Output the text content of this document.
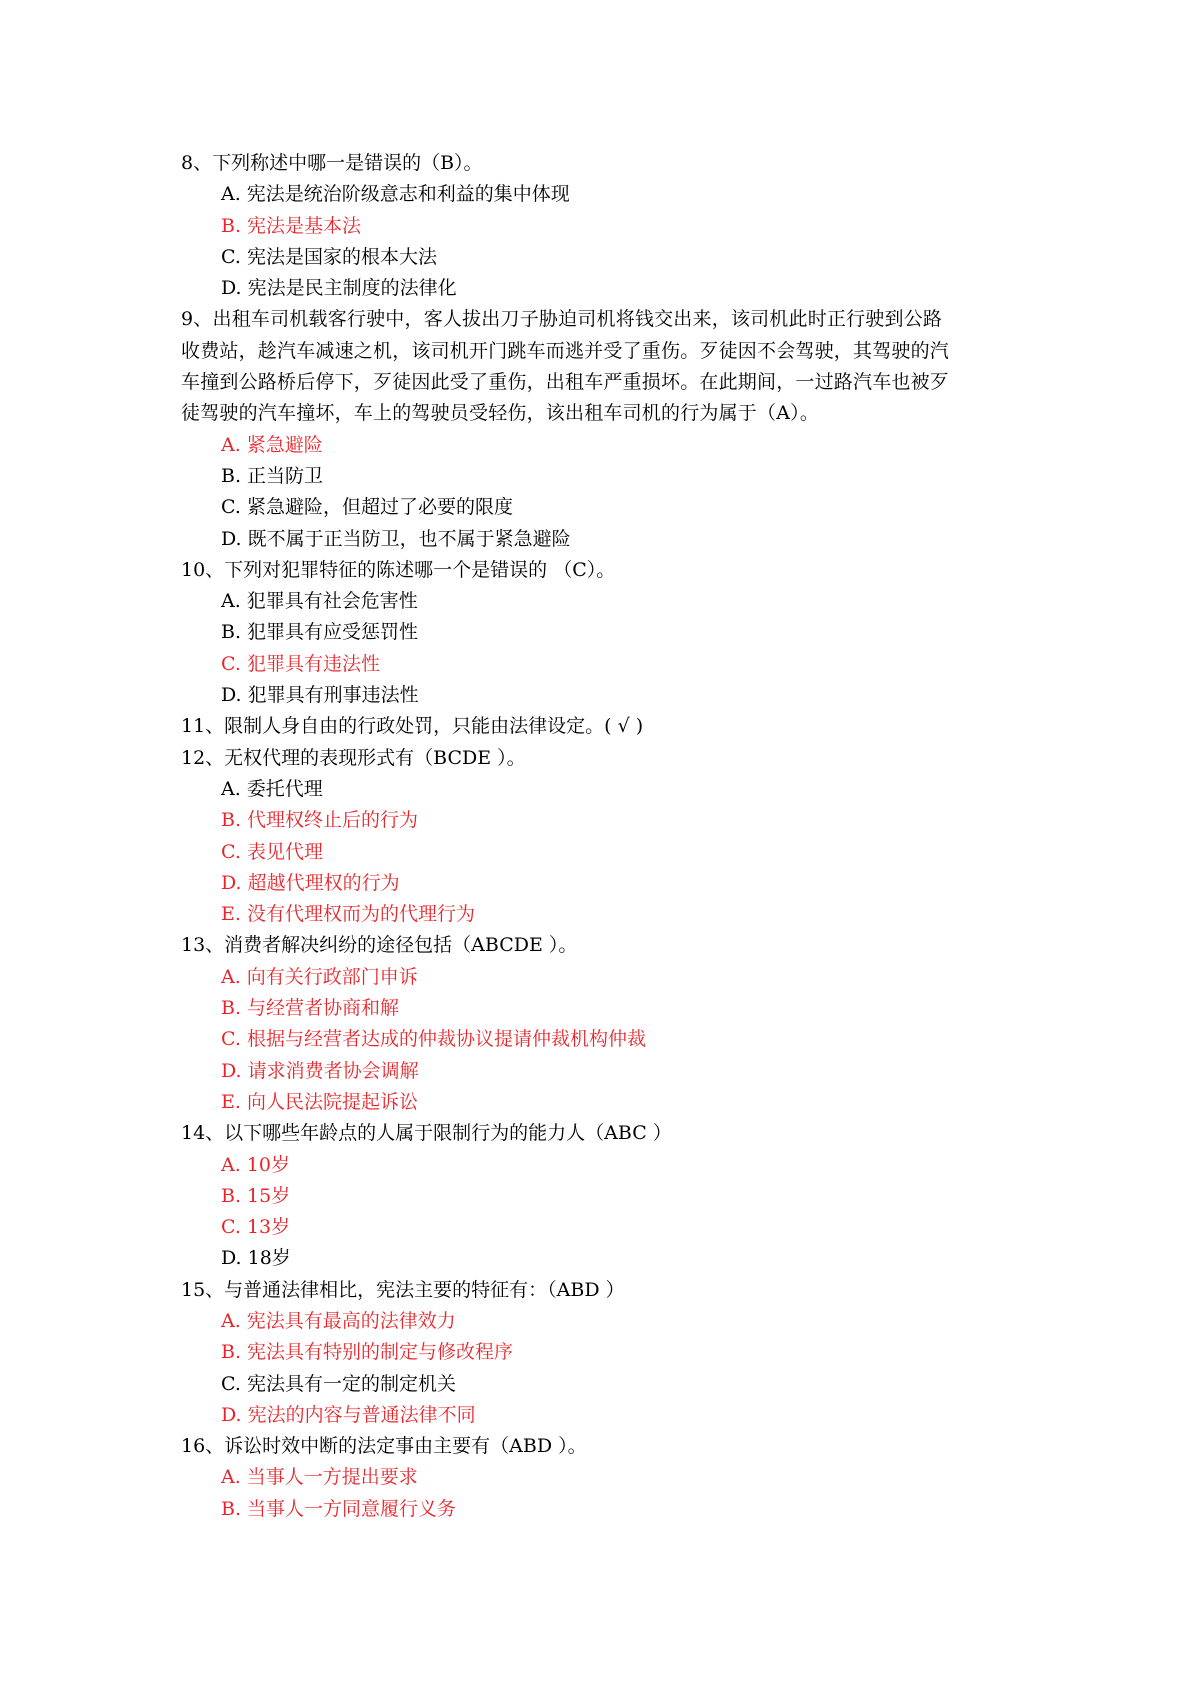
8、下列称述中哪一是错误的（B）。
A. 宪法是统治阶级意志和利益的集中体现
B. 宪法是基本法
C. 宪法是国家的根本大法
D. 宪法是民主制度的法律化
9、出租车司机载客行驶中，客人拔出刀子胁迫司机将钱交出来，该司机此时正行驶到公路
收费站，趁汽车减速之机，该司机开门跳车而逃并受了重伤。歹徒因不会驾驶，其驾驶的汽
车撞到公路桥后停下，歹徒因此受了重伤，出租车严重损坏。在此期间，一过路汽车也被歹
徒驾驶的汽车撞坏，车上的驾驶员受轻伤，该出租车司机的行为属于（A）。
A. 紧急避险
B. 正当防卫
C. 紧急避险，但超过了必要的限度
D. 既不属于正当防卫，也不属于紧急避险
10、下列对犯罪特征的陈述哪一个是错误的 （C）。
A. 犯罪具有社会危害性
B. 犯罪具有应受惩罚性
C. 犯罪具有违法性
D. 犯罪具有刑事违法性
11、限制人身自由的行政处罚，只能由法律设定。( √ )
12、无权代理的表现形式有（BCDE ）。
A. 委托代理
B. 代理权终止后的行为
C. 表见代理
D. 超越代理权的行为
E. 没有代理权而为的代理行为
13、消费者解决纠纷的途径包括（ABCDE ）。
A. 向有关行政部门申诉
B. 与经营者协商和解
C. 根据与经营者达成的仲裁协议提请仲裁机构仲裁
D. 请求消费者协会调解
E. 向人民法院提起诉讼
14、以下哪些年龄点的人属于限制行为的能力人（ABC ）
A. 10岁
B. 15岁
C. 13岁
D. 18岁
15、与普通法律相比，宪法主要的特征有：（ABD ）
A. 宪法具有最高的法律效力
B. 宪法具有特别的制定与修改程序
C. 宪法具有一定的制定机关
D. 宪法的内容与普通法律不同
16、诉讼时效中断的法定事由主要有（ABD ）。
A. 当事人一方提出要求
B. 当事人一方同意履行义务
